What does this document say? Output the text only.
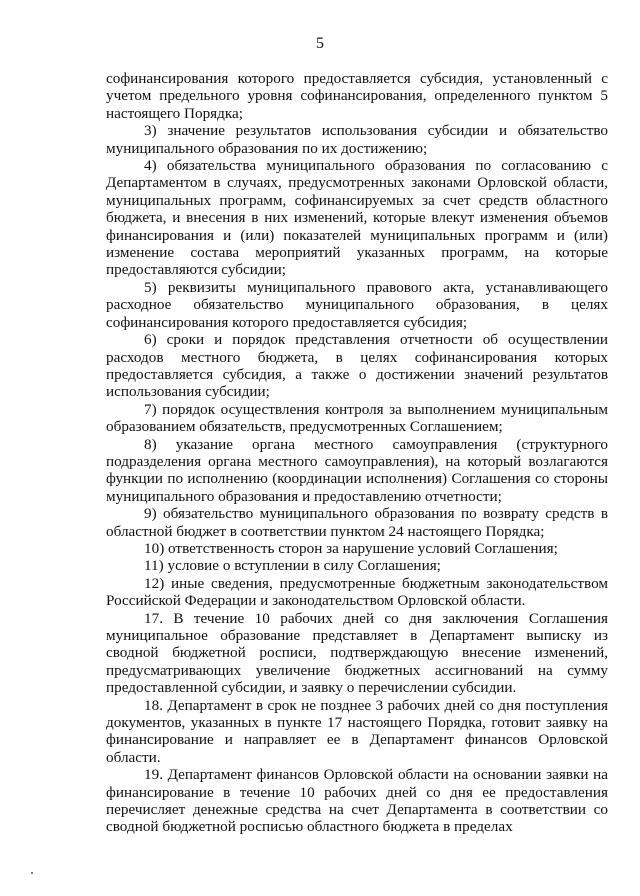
5

софинансирования которого предоставляется субсидия, установленный с учетом предельного уровня софинансирования, определенного пунктом 5 настоящего Порядка;

3) значение результатов использования субсидии и обязательство муниципального образования по их достижению;

4) обязательства муниципального образования по согласованию с Департаментом в случаях, предусмотренных законами Орловской области, муниципальных программ, софинансируемых за счет средств областного бюджета, и внесения в них изменений, которые влекут изменения объемов финансирования и (или) показателей муниципальных программ и (или) изменение состава мероприятий указанных программ, на которые предоставляются субсидии;

5) реквизиты муниципального правового акта, устанавливающего расходное обязательство муниципального образования, в целях софинансирования которого предоставляется субсидия;

6) сроки и порядок представления отчетности об осуществлении расходов местного бюджета, в целях софинансирования которых предоставляется субсидия, а также о достижении значений результатов использования субсидии;

7) порядок осуществления контроля за выполнением муниципальным образованием обязательств, предусмотренных Соглашением;

8) указание органа местного самоуправления (структурного подразделения органа местного самоуправления), на который возлагаются функции по исполнению (координации исполнения) Соглашения со стороны муниципального образования и предоставлению отчетности;

9) обязательство муниципального образования по возврату средств в областной бюджет в соответствии пунктом 24 настоящего Порядка;

10) ответственность сторон за нарушение условий Соглашения;

11) условие о вступлении в силу Соглашения;

12) иные сведения, предусмотренные бюджетным законодательством Российской Федерации и законодательством Орловской области.

17. В течение 10 рабочих дней со дня заключения Соглашения муниципальное образование представляет в Департамент выписку из сводной бюджетной росписи, подтверждающую внесение изменений, предусматривающих увеличение бюджетных ассигнований на сумму предоставленной субсидии, и заявку о перечислении субсидии.

18. Департамент в срок не позднее 3 рабочих дней со дня поступления документов, указанных в пункте 17 настоящего Порядка, готовит заявку на финансирование и направляет ее в Департамент финансов Орловской области.

19. Департамент финансов Орловской области на основании заявки на финансирование в течение 10 рабочих дней со дня ее предоставления перечисляет денежные средства на счет Департамента в соответствии со сводной бюджетной росписью областного бюджета в пределах
